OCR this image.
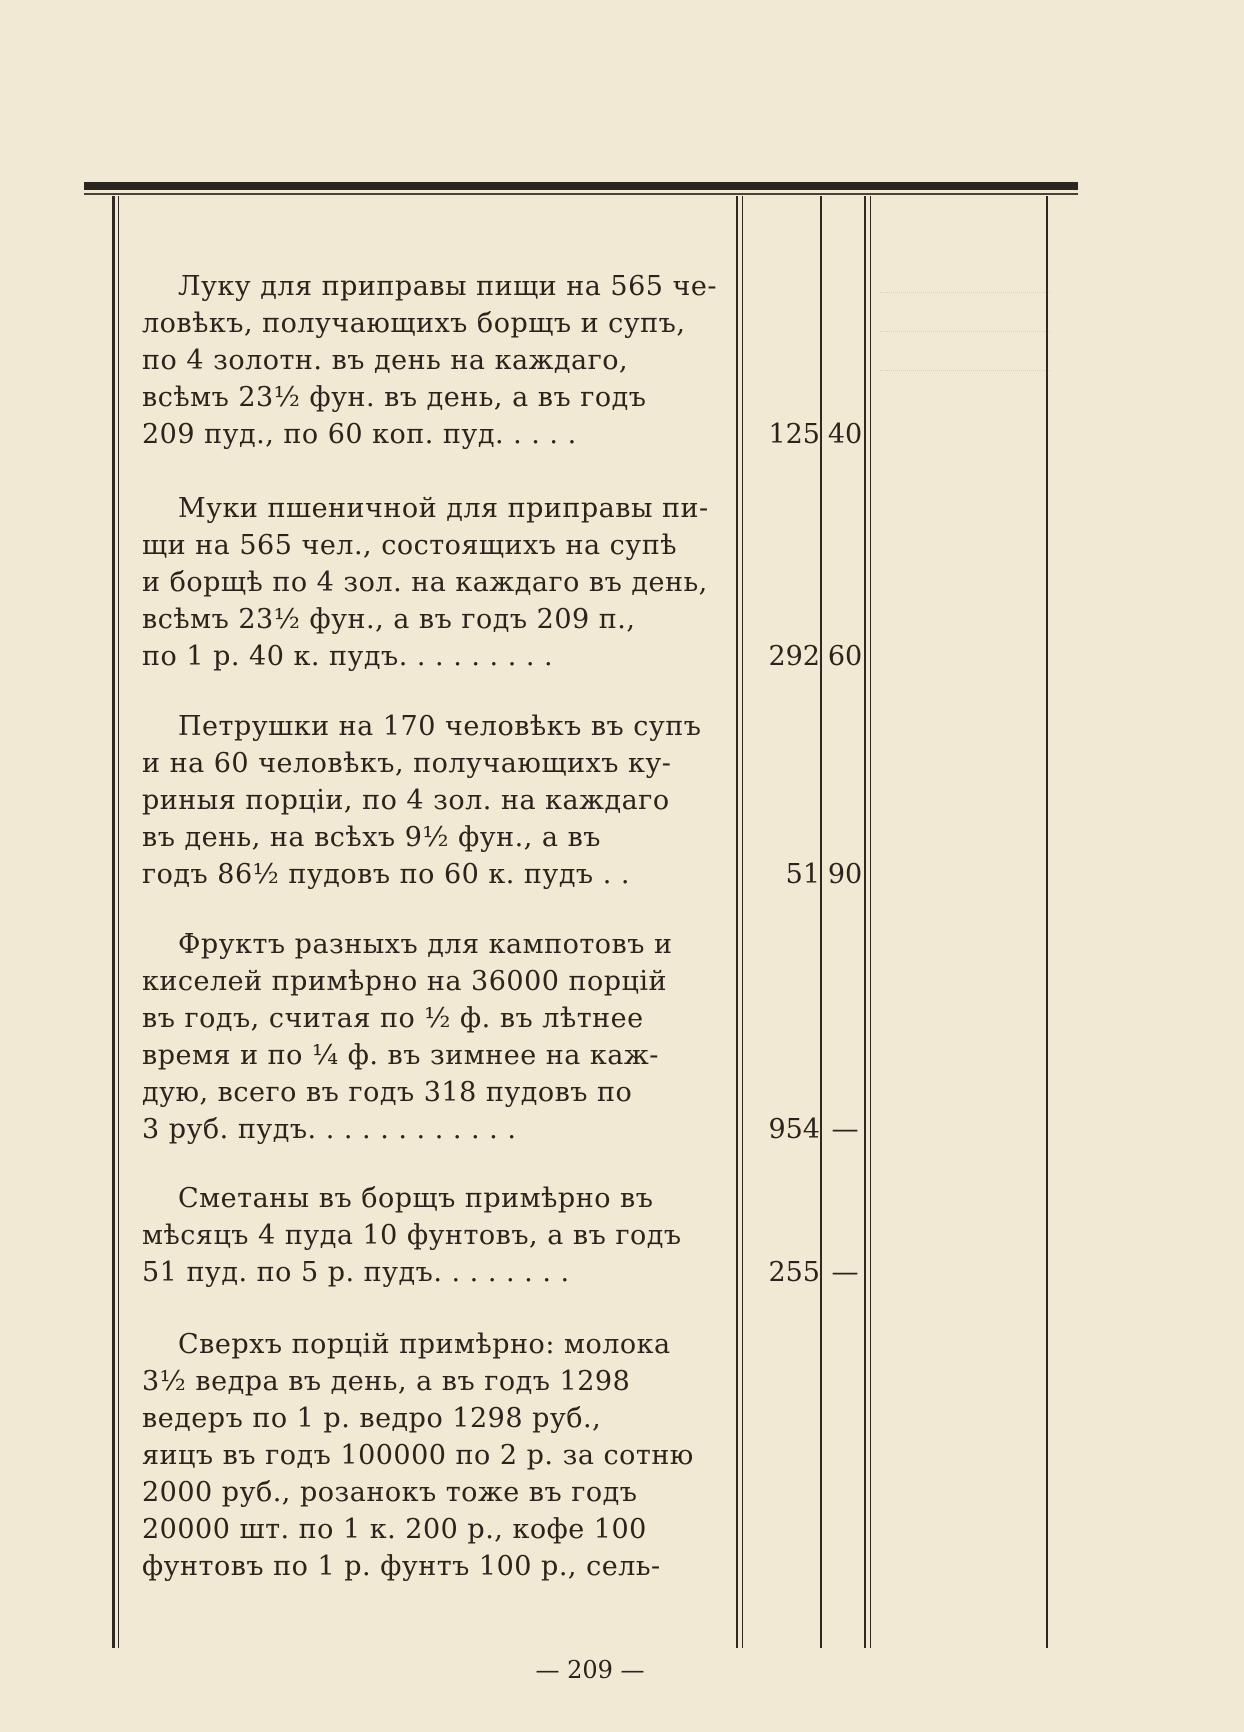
Луку для приправы пищи на 565 че-
ловѣкъ, получающихъ борщъ и супъ,
по 4 золотн. въ день на каждаго,
всѣмъ 23½ фун. въ день, а въ годъ
209 пуд., по 60 коп. пуд. . . . .	125 40
Муки пшеничной для приправы пи-
щи на 565 чел., состоящихъ на супѣ
и борщѣ по 4 зол. на каждаго въ день,
всѣмъ 23½ фун., а въ годъ 209 п.,
по 1 р. 40 к. пудъ. . . . . . . . .	292 60
Петрушки на 170 человѣкъ въ супъ
и на 60 человѣкъ, получающихъ ку-
риныя порціи, по 4 зол. на каждаго
въ день, на всѣхъ 9½ фун., а въ
годъ 86½ пудовъ по 60 к. пудъ . .	51 90
Фруктъ разныхъ для кампотовъ и
киселей примѣрно на 36000 порцій
въ годъ, считая по ½ ф. въ лѣтнее
время и по ¼ ф. въ зимнее на каж-
дую, всего въ годъ 318 пудовъ по
3 руб. пудъ. . . . . . . . . . . .	954 —
Сметаны въ борщъ примѣрно въ
мѣсяцъ 4 пуда 10 фунтовъ, а въ годъ
51 пуд. по 5 р. пудъ. . . . . . . .	255 —
Сверхъ порцій примѣрно: молока
3½ ведра въ день, а въ годъ 1298
ведеръ по 1 р. ведро 1298 руб.,
яицъ въ годъ 100000 по 2 р. за сотню
2000 руб., розанокъ тоже въ годъ
20000 шт. по 1 к. 200 р., кофе 100
фунтовъ по 1 р. фунтъ 100 р., сель-
— 209 —
